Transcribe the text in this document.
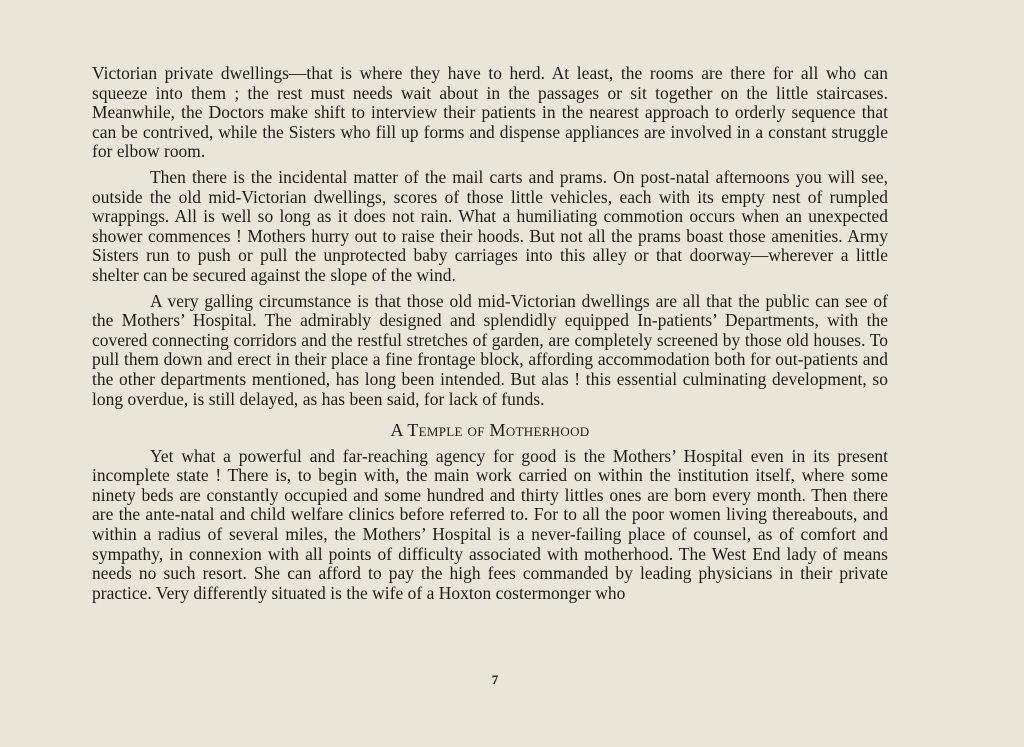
Victorian private dwellings—that is where they have to herd. At least, the rooms are there for all who can squeeze into them ; the rest must needs wait about in the passages or sit together on the little staircases. Meanwhile, the Doctors make shift to interview their patients in the nearest approach to orderly sequence that can be contrived, while the Sisters who fill up forms and dispense appliances are involved in a constant struggle for elbow room.

Then there is the incidental matter of the mail carts and prams. On post-natal afternoons you will see, outside the old mid-Victorian dwellings, scores of those little vehicles, each with its empty nest of rumpled wrappings. All is well so long as it does not rain. What a humiliating commotion occurs when an unexpected shower commences ! Mothers hurry out to raise their hoods. But not all the prams boast those amenities. Army Sisters run to push or pull the unprotected baby carriages into this alley or that doorway—wherever a little shelter can be secured against the slope of the wind.

A very galling circumstance is that those old mid-Victorian dwellings are all that the public can see of the Mothers’ Hospital. The admirably designed and splendidly equipped In-patients’ Departments, with the covered connecting corridors and the restful stretches of garden, are completely screened by those old houses. To pull them down and erect in their place a fine frontage block, affording accommodation both for out-patients and the other departments mentioned, has long been intended. But alas ! this essential culminating development, so long overdue, is still delayed, as has been said, for lack of funds.

A Temple of Motherhood

Yet what a powerful and far-reaching agency for good is the Mothers’ Hospital even in its present incomplete state ! There is, to begin with, the main work carried on within the institution itself, where some ninety beds are constantly occupied and some hundred and thirty littles ones are born every month. Then there are the ante-natal and child welfare clinics before referred to. For to all the poor women living thereabouts, and within a radius of several miles, the Mothers’ Hospital is a never-failing place of counsel, as of comfort and sympathy, in connexion with all points of difficulty associated with motherhood. The West End lady of means needs no such resort. She can afford to pay the high fees commanded by leading physicians in their private practice. Very differently situated is the wife of a Hoxton costermonger who

7
